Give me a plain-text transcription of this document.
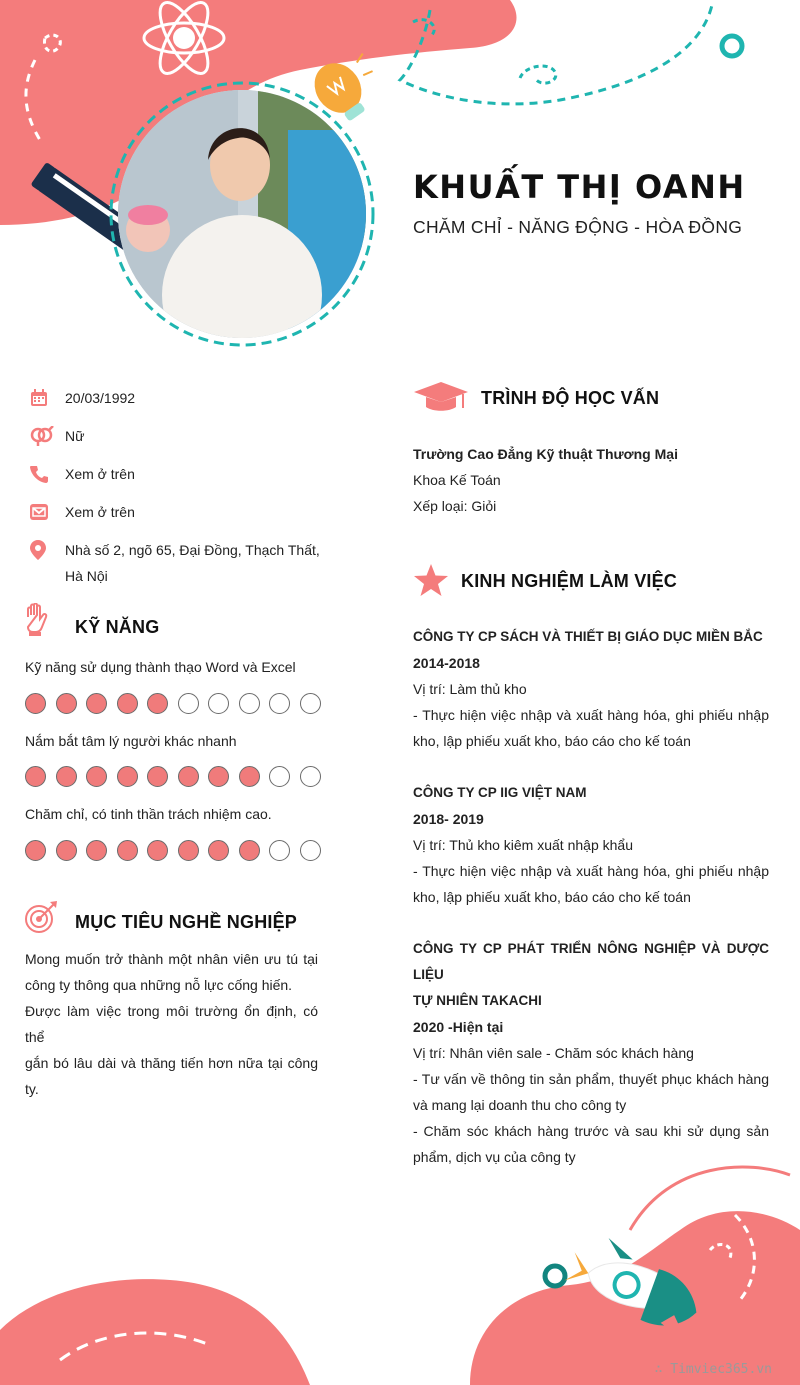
KHUẤT THỊ OANH
CHĂM CHỈ - NĂNG ĐỘNG - HÒA ĐỒNG
20/03/1992
Nữ
Xem ở trên
Xem ở trên
Nhà số 2, ngõ 65, Đại Đồng, Thạch Thất,
Hà Nội
KỸ NĂNG
Kỹ năng sử dụng thành thạo Word và Excel
Nắm bắt tâm lý người khác nhanh
Chăm chỉ, có tinh thần trách nhiệm cao.
MỤC TIÊU NGHỀ NGHIỆP
Mong muốn trở thành một nhân viên ưu tú tại
công ty thông qua những nỗ lực cống hiến.
Được làm việc trong môi trường ổn định, có thể
gắn bó lâu dài và thăng tiến hơn nữa tại công
ty.
TRÌNH ĐỘ HỌC VẤN
Trường Cao Đẳng Kỹ thuật Thương Mại
Khoa Kế Toán
Xếp loại: Giỏi
KINH NGHIỆM LÀM VIỆC
CÔNG TY CP SÁCH VÀ THIẾT BỊ GIÁO DỤC MIỀN BẮC
2014-2018
Vị trí: Làm thủ kho
- Thực hiện việc nhập và xuất hàng hóa, ghi phiếu nhập
kho, lập phiếu xuất kho, báo cáo cho kế toán
CÔNG TY CP IIG VIỆT NAM
2018- 2019
Vị trí: Thủ kho kiêm xuất nhập khẩu
- Thực hiện việc nhập và xuất hàng hóa, ghi phiếu nhập
kho, lập phiếu xuất kho, báo cáo cho kế toán
CÔNG TY CP PHÁT TRIỂN NÔNG NGHIỆP VÀ DƯỢC LIỆU
TỰ NHIÊN TAKACHI
2020 -Hiện tại
Vị trí: Nhân viên sale - Chăm sóc khách hàng
- Tư vấn về thông tin sản phẩm, thuyết phục khách hàng
và mang lại doanh thu cho công ty
- Chăm sóc khách hàng trước và sau khi sử dụng sản
phẩm, dịch vụ của công ty
∴ Timviec365.vn
